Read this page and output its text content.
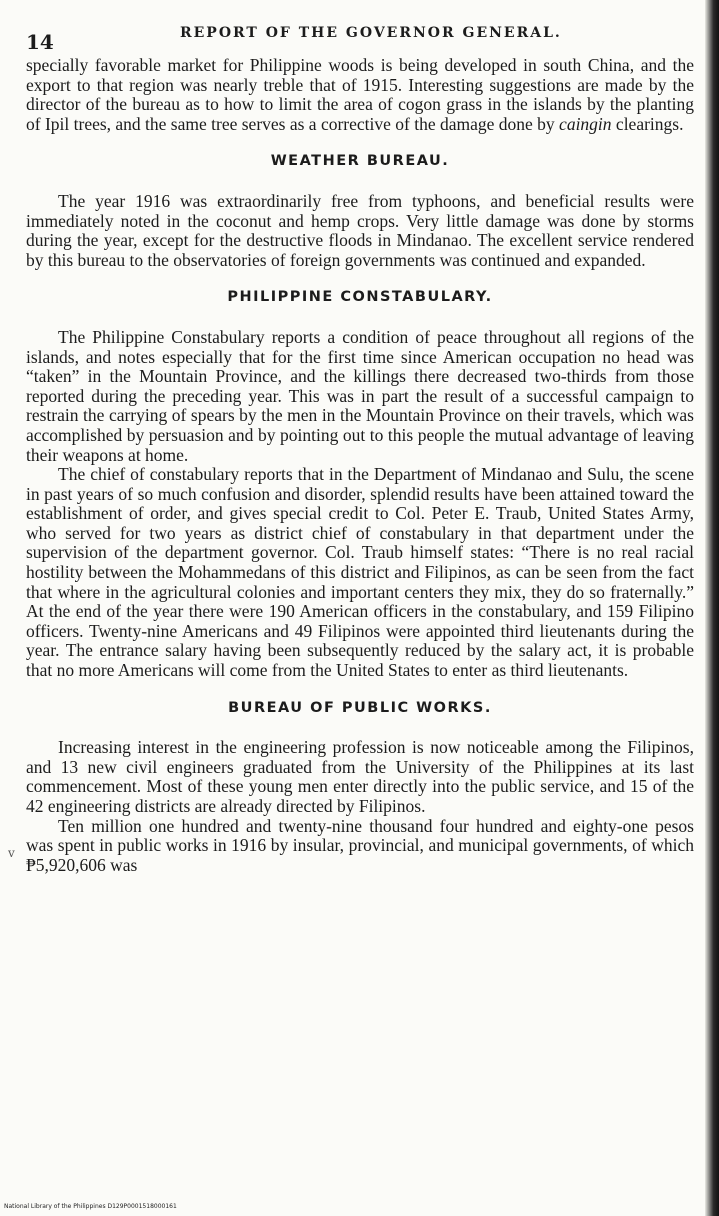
14	REPORT OF THE GOVERNOR GENERAL.

specially favorable market for Philippine woods is being developed in south China, and the export to that region was nearly treble that of 1915. Interesting suggestions are made by the director of the bureau as to how to limit the area of cogon grass in the islands by the planting of Ipil trees, and the same tree serves as a corrective of the damage done by caingin clearings.

WEATHER BUREAU.

The year 1916 was extraordinarily free from typhoons, and beneficial results were immediately noted in the coconut and hemp crops. Very little damage was done by storms during the year, except for the destructive floods in Mindanao. The excellent service rendered by this bureau to the observatories of foreign governments was continued and expanded.

PHILIPPINE CONSTABULARY.

The Philippine Constabulary reports a condition of peace throughout all regions of the islands, and notes especially that for the first time since American occupation no head was “taken” in the Mountain Province, and the killings there decreased two-thirds from those reported during the preceding year. This was in part the result of a successful campaign to restrain the carrying of spears by the men in the Mountain Province on their travels, which was accomplished by persuasion and by pointing out to this people the mutual advantage of leaving their weapons at home.

The chief of constabulary reports that in the Department of Mindanao and Sulu, the scene in past years of so much confusion and disorder, splendid results have been attained toward the establishment of order, and gives special credit to Col. Peter E. Traub, United States Army, who served for two years as district chief of constabulary in that department under the supervision of the department governor. Col. Traub himself states: “There is no real racial hostility between the Mohammedans of this district and Filipinos, as can be seen from the fact that where in the agricultural colonies and important centers they mix, they do so fraternally.” At the end of the year there were 190 American officers in the constabulary, and 159 Filipino officers. Twenty-nine Americans and 49 Filipinos were appointed third lieutenants during the year. The entrance salary having been subsequently reduced by the salary act, it is probable that no more Americans will come from the United States to enter as third lieutenants.

BUREAU OF PUBLIC WORKS.

Increasing interest in the engineering profession is now noticeable among the Filipinos, and 13 new civil engineers graduated from the University of the Philippines at its last commencement. Most of these young men enter directly into the public service, and 15 of the 42 engineering districts are already directed by Filipinos.

Ten million one hundred and twenty-nine thousand four hundred and eighty-one pesos was spent in public works in 1916 by insular, provincial, and municipal governments, of which ₱5,920,606 was

v
National Library of the Philippines D129P0001518000161
